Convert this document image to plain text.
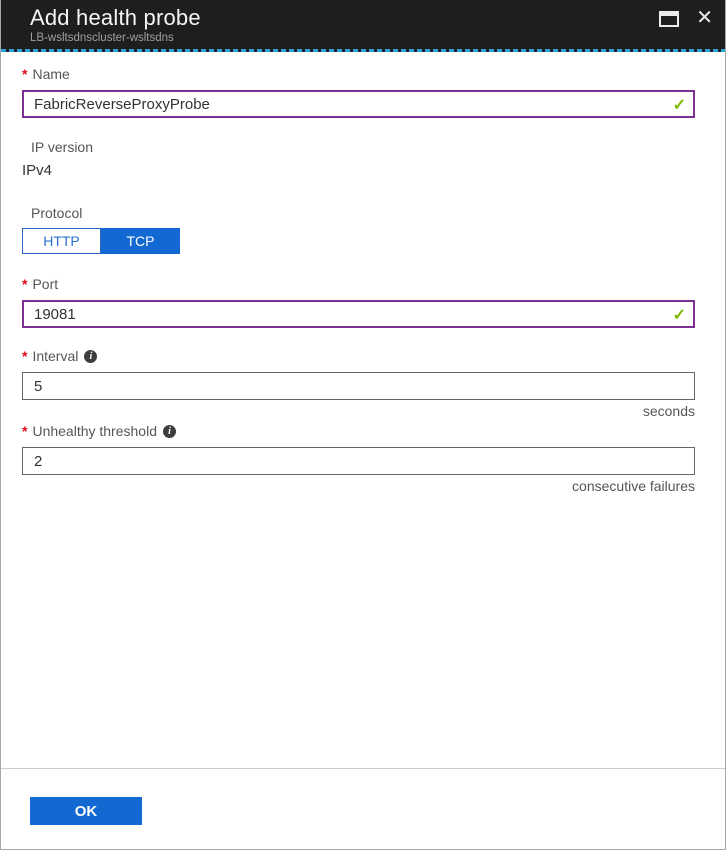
Add health probe
LB-wsltsdnscluster-wsltsdns
✕
* Name
FabricReverseProxyProbe
✓
IP version
IPv4
Protocol
HTTP	TCP
* Port
19081
✓
* Interval	i
5
seconds
* Unhealthy threshold	i
2
consecutive failures
OK
